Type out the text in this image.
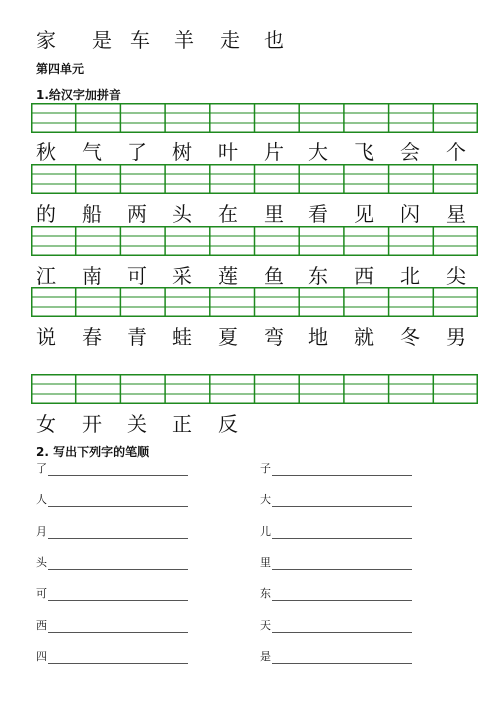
家 是 车 羊 走 也
第四单元
1.给汉字加拼音
秋 气 了 树 叶 片 大 飞 会 个
的 船 两 头 在 里 看 见 闪 星
江 南 可 采 莲 鱼 东 西 北 尖
说 春 青 蛙 夏 弯 地 就 冬 男
女 开 关 正 反
2. 写出下列字的笔顺
了
人
月
头
可
西
四
子
大
儿
里
东
天
是
